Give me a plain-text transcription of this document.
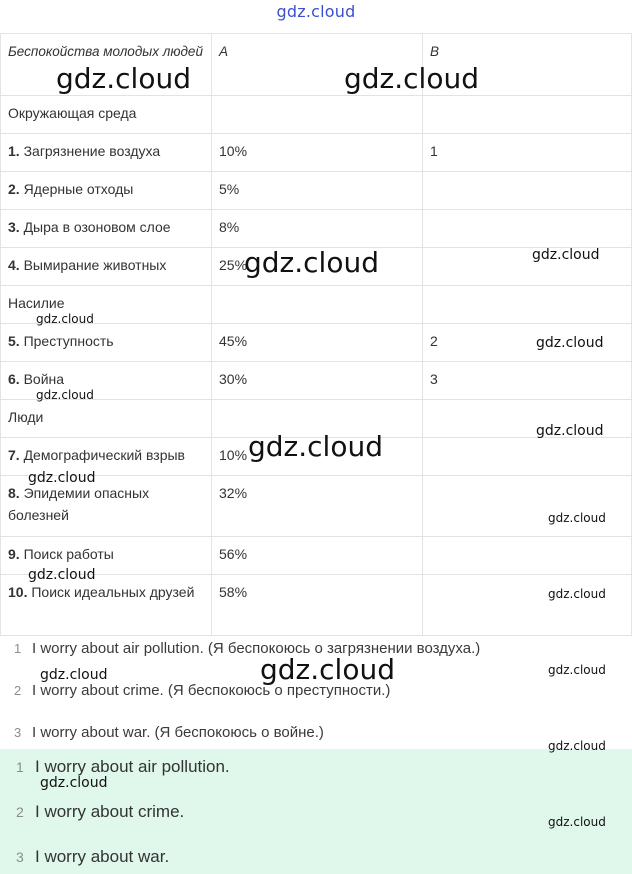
gdz.cloud
Беспокойства молодых людей	A	B
Окружающая среда		
1. Загрязнение воздуха	10%	1
2. Ядерные отходы	5%	
3. Дыра в озоновом слое	8%	
4. Вымирание животных	25%	
Насилие		
5. Преступность	45%	2
6. Война	30%	3
Люди		
7. Демографический взрыв	10%	
8. Эпидемии опасных болезней	32%	
9. Поиск работы	56%	
10. Поиск идеальных друзей	58%	
1 I worry about air pollution.
2 I worry about crime.
3 I worry about war.
gdz.cloud	gdz.cloud
gdz.cloud	gdz.cloud
gdz.cloud
gdz.cloud
gdz.cloud
gdz.cloud
gdz.cloud
gdz.cloud
gdz.cloud
gdz.cloud
gdz.cloud
gdz.cloud	gdz.cloud
gdz.cloud
gdz.cloud
gdz.cloud
gdz.cloud
1 I worry about air pollution. (Я беспокоюсь о загрязнении воздуха.)
2 I worry about crime. (Я беспокоюсь о преступности.)
3 I worry about war. (Я беспокоюсь о войне.)
